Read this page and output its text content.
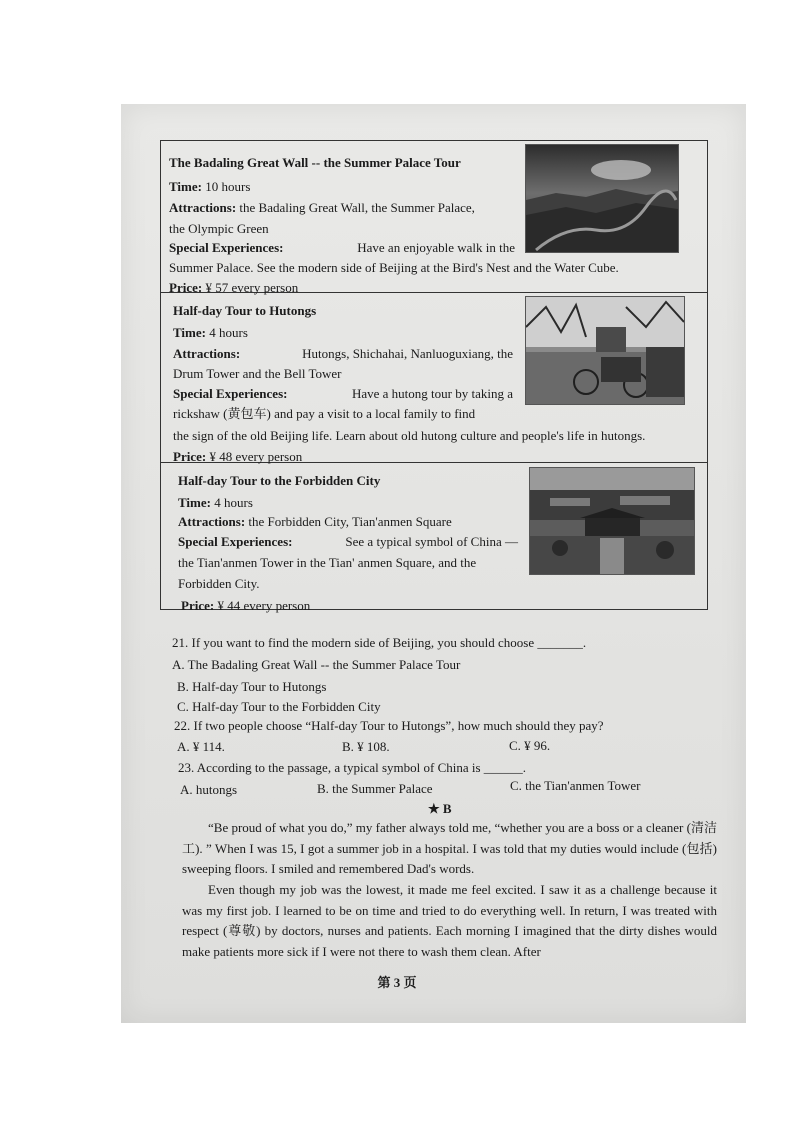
The Badaling Great Wall -- the Summer Palace Tour
Time: 10 hours
Attractions: the Badaling Great Wall, the Summer Palace,
the Olympic Green
Special Experiences:	Have an enjoyable walk in the
Summer Palace. See the modern side of Beijing at the Bird's Nest and the Water Cube.
Price: ¥ 57 every person
Half-day Tour to Hutongs
Time: 4 hours
Attractions:	Hutongs, Shichahai, Nanluoguxiang, the
Drum Tower and the Bell Tower
Special Experiences:	Have a hutong tour by taking a
rickshaw (黄包车) and pay a visit to a local family to find
the sign of the old Beijing life. Learn about old hutong culture and people's life in hutongs.
Price: ¥ 48 every person
Half-day Tour to the Forbidden City
Time: 4 hours
Attractions: the Forbidden City, Tian'anmen Square
Special Experiences:	See a typical symbol of China —
the Tian'anmen Tower in the Tian' anmen Square, and the
Forbidden City.
Price: ¥ 44 every person
21. If you want to find the modern side of Beijing, you should choose _______.
A. The Badaling Great Wall -- the Summer Palace Tour
B. Half-day Tour to Hutongs
C. Half-day Tour to the Forbidden City
22. If two people choose “Half-day Tour to Hutongs”, how much should they pay?
A. ¥ 114.	B. ¥ 108.	C. ¥ 96.
23. According to the passage, a typical symbol of China is ______.
A. hutongs	B. the Summer Palace	C. the Tian'anmen Tower
★ B
“Be proud of what you do,” my father always told me, “whether you are a boss or a cleaner (清洁工). ” When I was 15, I got a summer job in a hospital. I was told that my duties would include (包括) sweeping floors. I smiled and remembered Dad's words.
Even though my job was the lowest, it made me feel excited. I saw it as a challenge because it was my first job. I learned to be on time and tried to do everything well. In return, I was treated with respect (尊敬) by doctors, nurses and patients. Each morning I imagined that the dirty dishes would make patients more sick if I were not there to wash them clean. After
第 3 页
